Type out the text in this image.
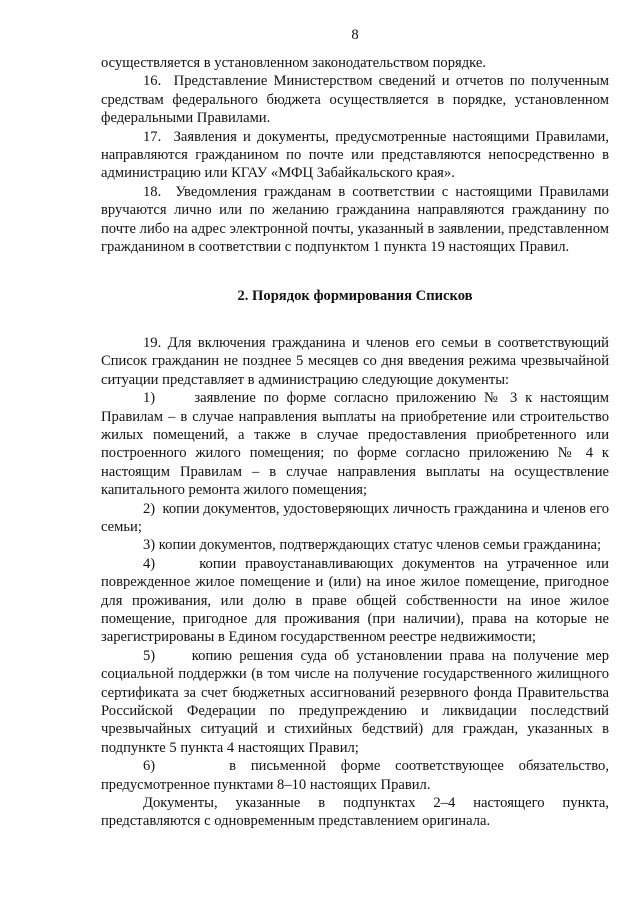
8

осуществляется в установленном законодательством порядке.

16.  Представление Министерством сведений и отчетов по полученным средствам федерального бюджета осуществляется в порядке, установленном федеральными Правилами.

17.  Заявления и документы, предусмотренные настоящими Правилами, направляются гражданином по почте или представляются непосредственно в администрацию или КГАУ «МФЦ Забайкальского края».

18.  Уведомления гражданам в соответствии с настоящими Правилами вручаются лично или по желанию гражданина направляются гражданину по почте либо на адрес электронной почты, указанный в заявлении, представленном гражданином в соответствии с подпунктом 1 пункта 19 настоящих Правил.

2. Порядок формирования Списков

19. Для включения гражданина и членов его семьи в соответствующий Список гражданин не позднее 5 месяцев со дня введения режима чрезвычайной ситуации представляет в администрацию следующие документы:

1)     заявление по форме согласно приложению № 3 к настоящим Правилам – в случае направления выплаты на приобретение или строительство жилых помещений, а также в случае предоставления приобретенного или построенного жилого помещения; по форме согласно приложению № 4 к настоящим Правилам – в случае направления выплаты на осуществление капитального ремонта жилого помещения;

2)  копии документов, удостоверяющих личность гражданина и членов его семьи;

3) копии документов, подтверждающих статус членов семьи гражданина;

4)     копии правоустанавливающих документов на утраченное или поврежденное жилое помещение и (или) на иное жилое помещение, пригодное для проживания, или долю в праве общей собственности на иное жилое помещение, пригодное для проживания (при наличии), права на которые не зарегистрированы в Едином государственном реестре недвижимости;

5)     копию решения суда об установлении права на получение мер социальной поддержки (в том числе на получение государственного жилищного сертификата за счет бюджетных ассигнований резервного фонда Правительства Российской Федерации по предупреждению и ликвидации последствий чрезвычайных ситуаций и стихийных бедствий) для граждан, указанных в подпункте 5 пункта 4 настоящих Правил;

6)     в письменной форме соответствующее обязательство, предусмотренное пунктами 8–10 настоящих Правил.

Документы, указанные в подпунктах 2–4 настоящего пункта, представляются с одновременным представлением оригинала.
